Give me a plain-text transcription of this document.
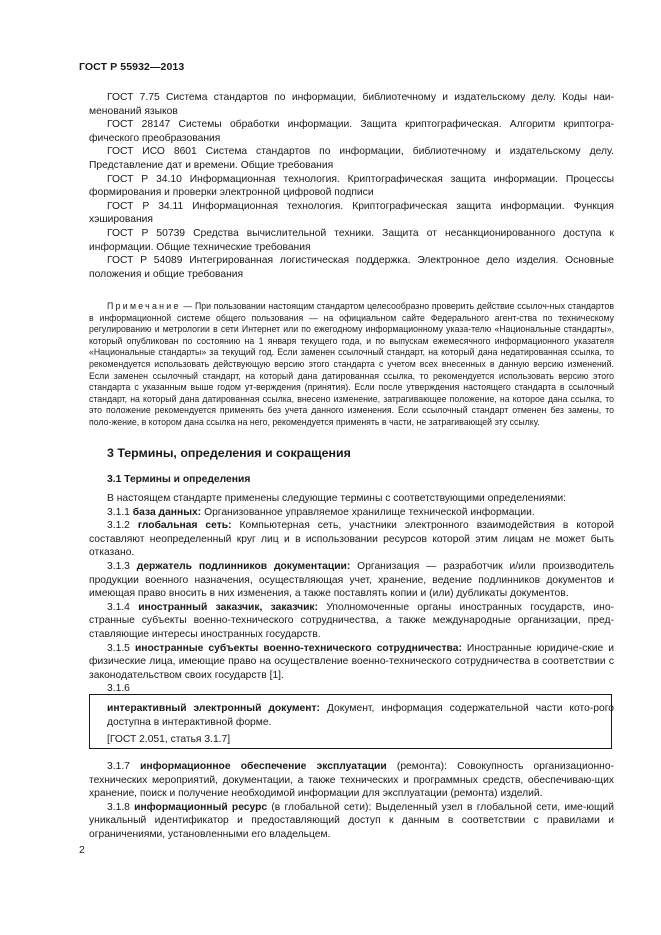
ГОСТ Р 55932—2013

ГОСТ 7.75 Система стандартов по информации, библиотечному и издательскому делу. Коды наи-менований языков

ГОСТ 28147 Системы обработки информации. Защита криптографическая. Алгоритм криптогра-фического преобразования

ГОСТ ИСО 8601 Система стандартов по информации, библиотечному и издательскому делу. Представление дат и времени. Общие требования

ГОСТ Р 34.10 Информационная технология. Криптографическая защита информации. Процессы формирования и проверки электронной цифровой подписи

ГОСТ Р 34.11 Информационная технология. Криптографическая защита информации. Функция хэширования

ГОСТ Р 50739 Средства вычислительной техники. Защита от несанкционированного доступа к информации. Общие технические требования

ГОСТ Р 54089 Интегрированная логистическая поддержка. Электронное дело изделия. Основные положения и общие требования

Примечание — При пользовании настоящим стандартом целесообразно проверить действие ссылоч-ных стандартов в информационной системе общего пользования — на официальном сайте Федерального агент-ства по техническому регулированию и метрологии в сети Интернет или по ежегодному информационному указа-телю «Национальные стандарты», который опубликован по состоянию на 1 января текущего года, и по выпускам ежемесячного информационного указателя «Национальные стандарты» за текущий год. Если заменен ссылочный стандарт, на который дана недатированная ссылка, то рекомендуется использовать действующую версию этого стандарта с учетом всех внесенных в данную версию изменений. Если заменен ссылочный стандарт, на который дана датированная ссылка, то рекомендуется использовать версию этого стандарта с указанным выше годом ут-верждения (принятия). Если после утверждения настоящего стандарта в ссылочный стандарт, на который дана датированная ссылка, внесено изменение, затрагивающее положение, на которое дана ссылка, то это положение рекомендуется применять без учета данного изменения. Если ссылочный стандарт отменен без замены, то поло-жение, в котором дана ссылка на него, рекомендуется применять в части, не затрагивающей эту ссылку.
3 Термины, определения и сокращения
3.1 Термины и определения

В настоящем стандарте применены следующие термины с соответствующими определениями:

3.1.1 база данных: Организованное управляемое хранилище технической информации.

3.1.2 глобальная сеть: Компьютерная сеть, участники электронного взаимодействия в которой составляют неопределенный круг лиц и в использовании ресурсов которой этим лицам не может быть отказано.

3.1.3 держатель подлинников документации: Организация — разработчик и/или производитель продукции военного назначения, осуществляющая учет, хранение, ведение подлинников документов и имеющая право вносить в них изменения, а также поставлять копии и (или) дубликаты документов.

3.1.4 иностранный заказчик, заказчик: Уполномоченные органы иностранных государств, ино-странные субъекты военно-технического сотрудничества, а также международные организации, пред-ставляющие интересы иностранных государств.

3.1.5 иностранные субъекты военно-технического сотрудничества: Иностранные юридиче-ские и физические лица, имеющие право на осуществление военно-технического сотрудничества в соответствии с законодательством своих государств [1].

3.1.6

интерактивный электронный документ: Документ, информация содержательной части кото-рого доступна в интерактивной форме.

[ГОСТ 2.051, статья 3.1.7]

3.1.7 информационное обеспечение эксплуатации (ремонта): Совокупность организационно-технических мероприятий, документации, а также технических и программных средств, обеспечиваю-щих хранение, поиск и получение необходимой информации для эксплуатации (ремонта) изделий.

3.1.8 информационный ресурс (в глобальной сети): Выделенный узел в глобальной сети, име-ющий уникальный идентификатор и предоставляющий доступ к данным в соответствии с правилами и ограничениями, установленными его владельцем.

2
